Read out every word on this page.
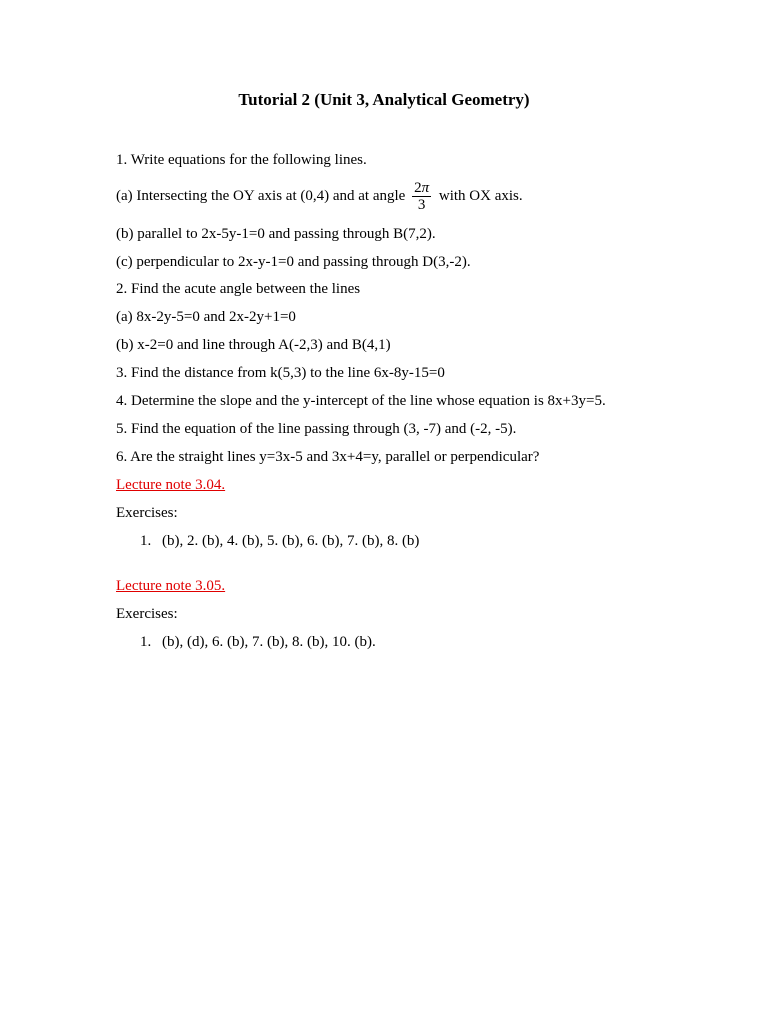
Tutorial 2 (Unit 3, Analytical Geometry)
1. Write equations for the following lines.
(a) Intersecting the OY axis at (0,4) and at angle $\frac{2\pi}{3}$ with OX axis.
(b) parallel to 2x-5y-1=0 and passing through B(7,2).
(c) perpendicular to 2x-y-1=0 and passing through D(3,-2).
2. Find the acute angle between the lines
(a) 8x-2y-5=0 and 2x-2y+1=0
(b) x-2=0 and line through A(-2,3) and B(4,1)
3. Find the distance from k(5,3) to the line 6x-8y-15=0
4. Determine the slope and the y-intercept of the line whose equation is 8x+3y=5.
5. Find the equation of the line passing through (3, -7) and (-2, -5).
6. Are the straight lines y=3x-5 and 3x+4=y, parallel or perpendicular?
Lecture note 3.04.
Exercises:
1. (b), 2. (b), 4. (b), 5. (b), 6. (b), 7. (b), 8. (b)
Lecture note 3.05.
Exercises:
1. (b), (d), 6. (b), 7. (b), 8. (b), 10. (b).
